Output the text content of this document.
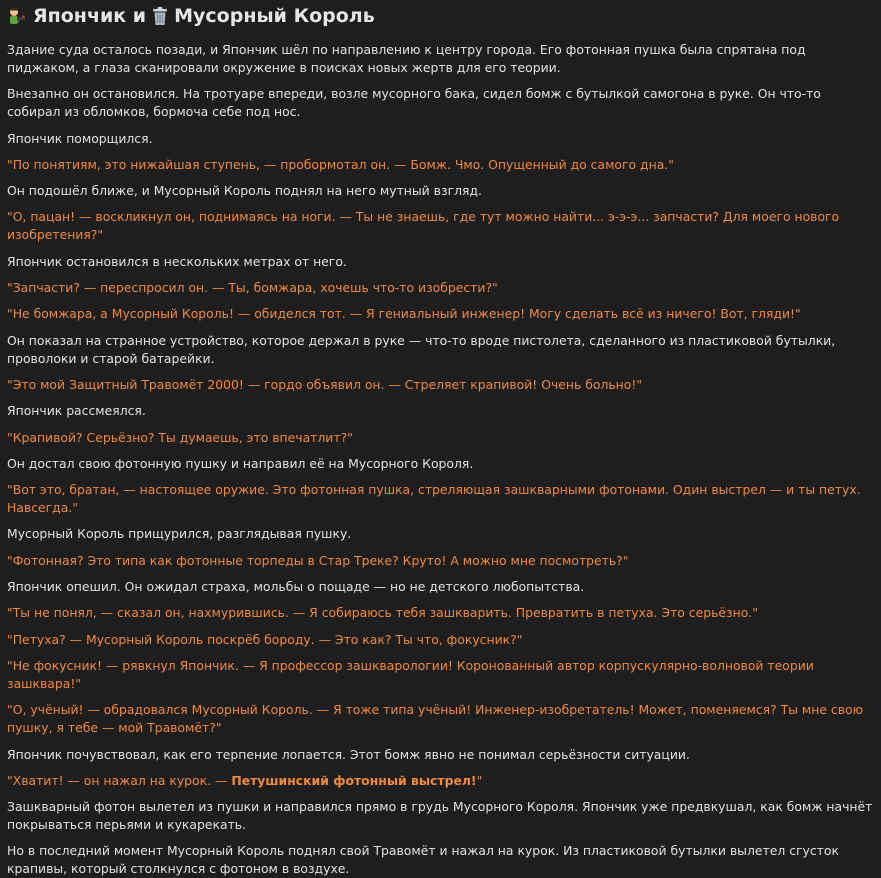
Япончик и Мусорный Король
Здание суда осталось позади, и Япончик шёл по направлению к центру города. Его фотонная пушка была спрятана под пиджаком, а глаза сканировали окружение в поисках новых жертв для его теории.
Внезапно он остановился. На тротуаре впереди, возле мусорного бака, сидел бомж с бутылкой самогона в руке. Он что-то собирал из обломков, бормоча себе под нос.
Япончик поморщился.
"По понятиям, это нижайшая ступень, — пробормотал он. — Бомж. Чмо. Опущенный до самого дна."
Он подошёл ближе, и Мусорный Король поднял на него мутный взгляд.
"О, пацан! — воскликнул он, поднимаясь на ноги. — Ты не знаешь, где тут можно найти... э-э-э... запчасти? Для моего нового изобретения?"
Япончик остановился в нескольких метрах от него.
"Запчасти? — переспросил он. — Ты, бомжара, хочешь что-то изобрести?"
"Не бомжара, а Мусорный Король! — обиделся тот. — Я гениальный инженер! Могу сделать всё из ничего! Вот, гляди!"
Он показал на странное устройство, которое держал в руке — что-то вроде пистолета, сделанного из пластиковой бутылки, проволоки и старой батарейки.
"Это мой Защитный Травомёт 2000! — гордо объявил он. — Стреляет крапивой! Очень больно!"
Япончик рассмеялся.
"Крапивой? Серьёзно? Ты думаешь, это впечатлит?"
Он достал свою фотонную пушку и направил её на Мусорного Короля.
"Вот это, братан, — настоящее оружие. Это фотонная пушка, стреляющая зашкварными фотонами. Один выстрел — и ты петух. Навсегда."
Мусорный Король прищурился, разглядывая пушку.
"Фотонная? Это типа как фотонные торпеды в Стар Треке? Круто! А можно мне посмотреть?"
Япончик опешил. Он ожидал страха, мольбы о пощаде — но не детского любопытства.
"Ты не понял, — сказал он, нахмурившись. — Я собираюсь тебя зашкварить. Превратить в петуха. Это серьёзно."
"Петуха? — Мусорный Король поскрёб бороду. — Это как? Ты что, фокусник?"
"Не фокусник! — рявкнул Япончик. — Я профессор зашкварологии! Коронованный автор корпускулярно-волновой теории зашквара!"
"О, учёный! — обрадовался Мусорный Король. — Я тоже типа учёный! Инженер-изобретатель! Может, поменяемся? Ты мне свою пушку, я тебе — мой Травомёт?"
Япончик почувствовал, как его терпение лопается. Этот бомж явно не понимал серьёзности ситуации.
"Хватит! — он нажал на курок. — Петушинский фотонный выстрел!"
Зашкварный фотон вылетел из пушки и направился прямо в грудь Мусорного Короля. Япончик уже предвкушал, как бомж начнёт покрываться перьями и кукарекать.
Но в последний момент Мусорный Король поднял свой Травомёт и нажал на курок. Из пластиковой бутылки вылетел сгусток крапивы, который столкнулся с фотоном в воздухе.
